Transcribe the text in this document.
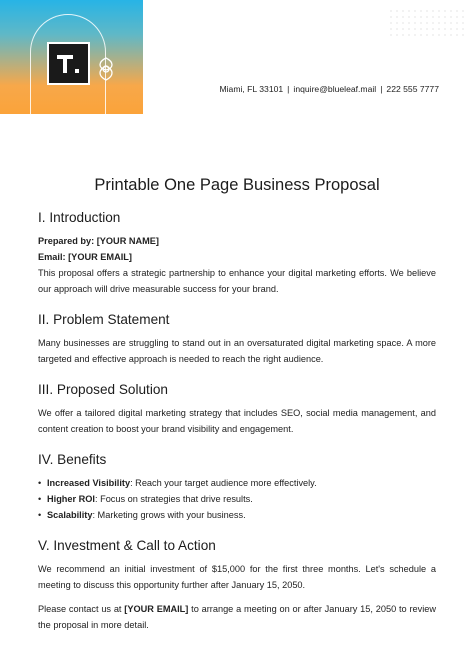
Miami, FL 33101 | inquire@blueleaf.mail | 222 555 7777
Printable One Page Business Proposal
I. Introduction
Prepared by: [YOUR NAME]
Email: [YOUR EMAIL]

This proposal offers a strategic partnership to enhance your digital marketing efforts. We believe our approach will drive measurable success for your brand.

II. Problem Statement

Many businesses are struggling to stand out in an oversaturated digital marketing space. A more targeted and effective approach is needed to reach the right audience.

III. Proposed Solution

We offer a tailored digital marketing strategy that includes SEO, social media management, and content creation to boost your brand visibility and engagement.

IV. Benefits
• Increased Visibility: Reach your target audience more effectively.
• Higher ROI: Focus on strategies that drive results.
• Scalability: Marketing grows with your business.
V. Investment & Call to Action

We recommend an initial investment of $15,000 for the first three months. Let's schedule a meeting to discuss this opportunity further after January 15, 2050.

Please contact us at [YOUR EMAIL] to arrange a meeting on or after January 15, 2050 to review the proposal in more detail.
